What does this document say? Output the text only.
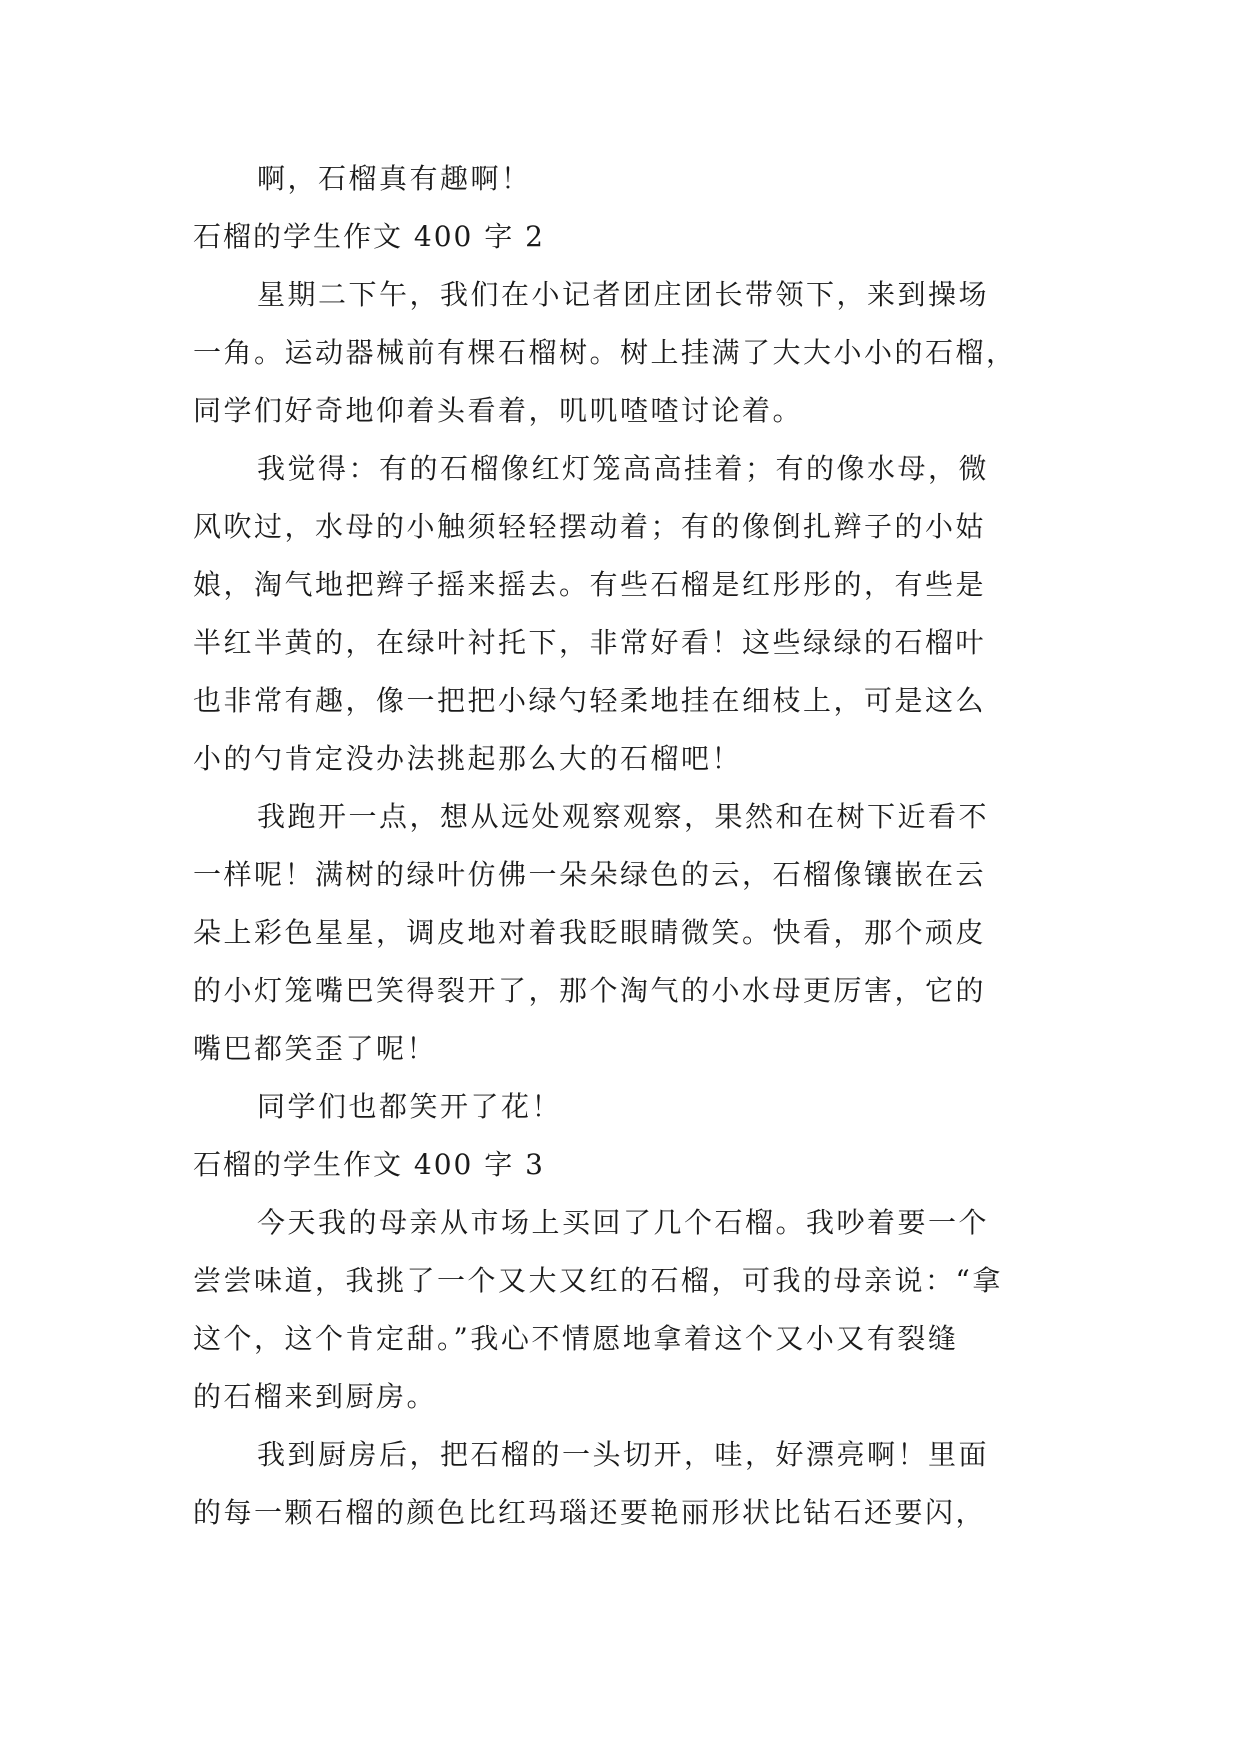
啊，石榴真有趣啊！
石榴的学生作文 400 字 2
星期二下午，我们在小记者团庄团长带领下，来到操场
一角。运动器械前有棵石榴树。树上挂满了大大小小的石榴，
同学们好奇地仰着头看着，叽叽喳喳讨论着。
我觉得：有的石榴像红灯笼高高挂着；有的像水母，微
风吹过，水母的小触须轻轻摆动着；有的像倒扎辫子的小姑
娘，淘气地把辫子摇来摇去。有些石榴是红彤彤的，有些是
半红半黄的，在绿叶衬托下，非常好看！这些绿绿的石榴叶
也非常有趣，像一把把小绿勺轻柔地挂在细枝上，可是这么
小的勺肯定没办法挑起那么大的石榴吧！
我跑开一点，想从远处观察观察，果然和在树下近看不
一样呢！满树的绿叶仿佛一朵朵绿色的云，石榴像镶嵌在云
朵上彩色星星，调皮地对着我眨眼睛微笑。快看，那个顽皮
的小灯笼嘴巴笑得裂开了，那个淘气的小水母更厉害，它的
嘴巴都笑歪了呢！
同学们也都笑开了花！
石榴的学生作文 400 字 3
今天我的母亲从市场上买回了几个石榴。我吵着要一个
尝尝味道，我挑了一个又大又红的石榴，可我的母亲说：“拿
这个，这个肯定甜。”我心不情愿地拿着这个又小又有裂缝
的石榴来到厨房。
我到厨房后，把石榴的一头切开，哇，好漂亮啊！里面
的每一颗石榴的颜色比红玛瑙还要艳丽形状比钻石还要闪，
